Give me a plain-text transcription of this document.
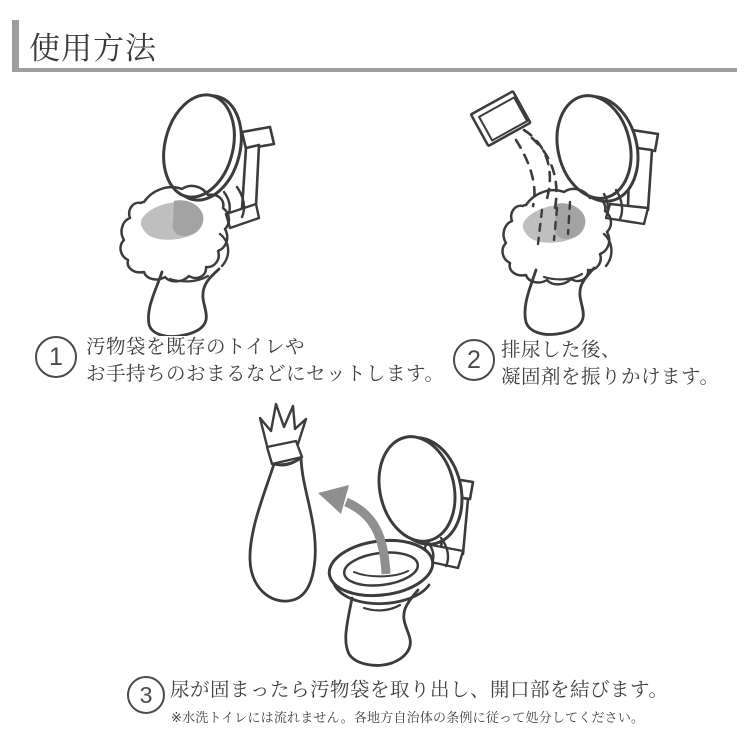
使用方法
1 汚物袋を既存のトイレや
お手持ちのおまるなどにセットします。
2 排尿した後、
凝固剤を振りかけます。
3 尿が固まったら汚物袋を取り出し、開口部を結びます。
※水洗トイレには流れません。各地方自治体の条例に従って処分してください。
